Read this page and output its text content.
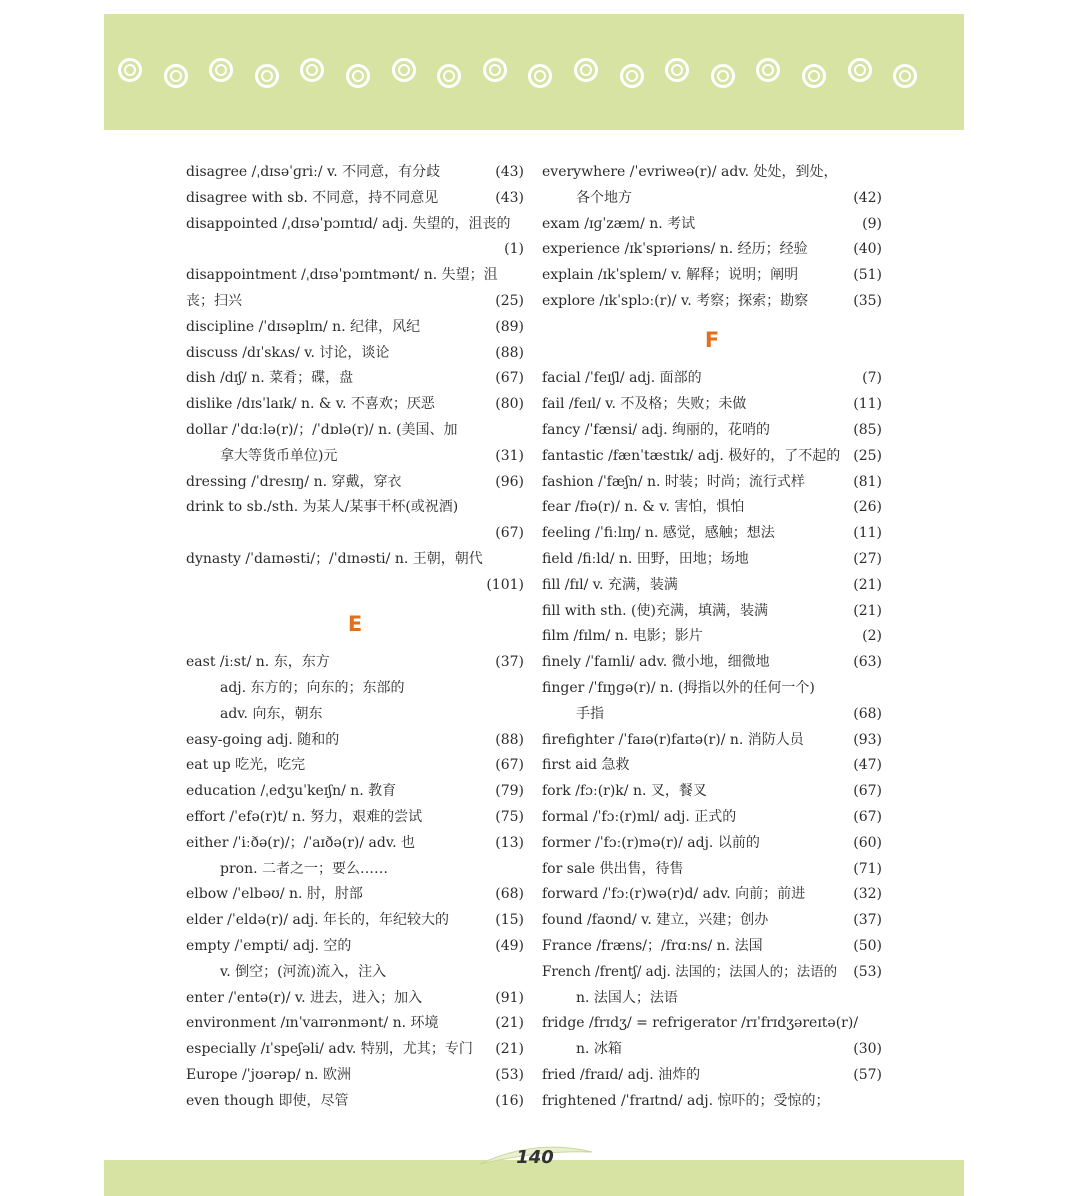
disagree /ˌdɪsəˈɡriː/ v. 不同意，有分歧	(43)
disagree with sb. 不同意，持不同意见	(43)
disappointed /ˌdɪsəˈpɔɪntɪd/ adj. 失望的，沮丧的
(1)
disappointment /ˌdɪsəˈpɔɪntmənt/ n. 失望；沮
丧；扫兴	(25)
discipline /ˈdɪsəplɪn/ n. 纪律，风纪	(89)
discuss /dɪˈskʌs/ v. 讨论，谈论	(88)
dish /dɪʃ/ n. 菜肴；碟，盘	(67)
dislike /dɪsˈlaɪk/ n. & v. 不喜欢；厌恶	(80)
dollar /ˈdɑːlə(r)/；/ˈdɒlə(r)/ n. (美国、加
拿大等货币单位)元	(31)
dressing /ˈdresɪŋ/ n. 穿戴，穿衣	(96)
drink to sb./sth. 为某人/某事干杯(或祝酒)
(67)
dynasty /ˈdaɪnəsti/；/ˈdɪnəsti/ n. 王朝，朝代
(101)
E
east /iːst/ n. 东，东方	(37)
adj. 东方的；向东的；东部的
adv. 向东，朝东
easy-going adj. 随和的	(88)
eat up 吃光，吃完	(67)
education /ˌedʒuˈkeɪʃn/ n. 教育	(79)
effort /ˈefə(r)t/ n. 努力，艰难的尝试	(75)
either /ˈiːðə(r)/；/ˈaɪðə(r)/ adv. 也	(13)
pron. 二者之一；要么……
elbow /ˈelbəʊ/ n. 肘，肘部	(68)
elder /ˈeldə(r)/ adj. 年长的，年纪较大的	(15)
empty /ˈempti/ adj. 空的	(49)
v. 倒空；(河流)流入，注入
enter /ˈentə(r)/ v. 进去，进入；加入	(91)
environment /ɪnˈvaɪrənmənt/ n. 环境	(21)
especially /ɪˈspeʃəli/ adv. 特别，尤其；专门 (21)
Europe /ˈjʊərəp/ n. 欧洲	(53)
even though 即使，尽管	(16)
everywhere /ˈevriweə(r)/ adv. 处处，到处，
各个地方	(42)
exam /ɪɡˈzæm/ n. 考试	(9)
experience /ɪkˈspɪəriəns/ n. 经历；经验	(40)
explain /ɪkˈspleɪn/ v. 解释；说明；阐明	(51)
explore /ɪkˈsplɔː(r)/ v. 考察；探索；勘察	(35)
F
facial /ˈfeɪʃl/ adj. 面部的	(7)
fail /feɪl/ v. 不及格；失败；未做	(11)
fancy /ˈfænsi/ adj. 绚丽的，花哨的	(85)
fantastic /fænˈtæstɪk/ adj. 极好的，了不起的 (25)
fashion /ˈfæʃn/ n. 时装；时尚；流行式样	(81)
fear /fɪə(r)/ n. & v. 害怕，惧怕	(26)
feeling /ˈfiːlɪŋ/ n. 感觉，感触；想法	(11)
field /fiːld/ n. 田野，田地；场地	(27)
fill /fɪl/ v. 充满，装满	(21)
fill with sth. (使)充满，填满，装满	(21)
film /fɪlm/ n. 电影；影片	(2)
finely /ˈfaɪnli/ adv. 微小地，细微地	(63)
finger /ˈfɪŋɡə(r)/ n. (拇指以外的任何一个)
手指	(68)
firefighter /ˈfaɪə(r)faɪtə(r)/ n. 消防人员	(93)
first aid 急救	(47)
fork /fɔː(r)k/ n. 叉，餐叉	(67)
formal /ˈfɔː(r)ml/ adj. 正式的	(67)
former /ˈfɔː(r)mə(r)/ adj. 以前的	(60)
for sale 供出售，待售	(71)
forward /ˈfɔː(r)wə(r)d/ adv. 向前；前进	(32)
found /faʊnd/ v. 建立，兴建；创办	(37)
France /fræns/；/frɑːns/ n. 法国	(50)
French /frentʃ/ adj. 法国的；法国人的；法语的 (53)
n. 法国人；法语
fridge /frɪdʒ/ = refrigerator /rɪˈfrɪdʒəreɪtə(r)/
n. 冰箱	(30)
fried /fraɪd/ adj. 油炸的	(57)
frightened /ˈfraɪtnd/ adj. 惊吓的；受惊的；
140
